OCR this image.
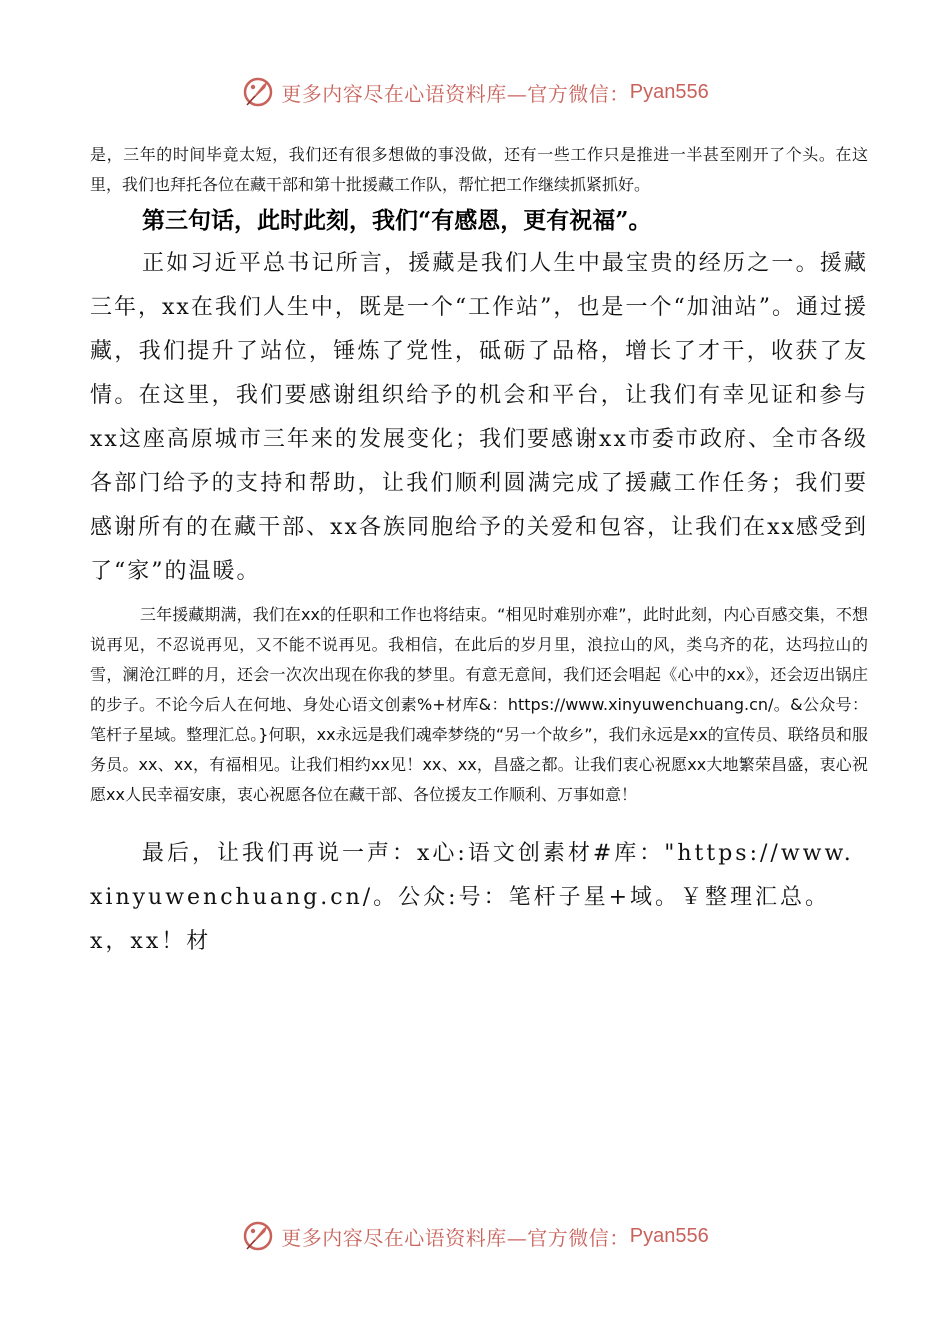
更多内容尽在心语资料库—官方微信： Pyan556

是，三年的时间毕竟太短，我们还有很多想做的事没做，还有一些工作只是推进一半甚至刚开了个头。在这里，我们也拜托各位在藏干部和第十批援藏工作队，帮忙把工作继续抓紧抓好。

第三句话，此时此刻，我们“有感恩，更有祝福”。

正如习近平总书记所言，援藏是我们人生中最宝贵的经历之一。援藏三年，xx在我们人生中，既是一个“工作站”，也是一个“加油站”。通过援藏，我们提升了站位，锤炼了党性，砥砺了品格，增长了才干，收获了友情。在这里，我们要感谢组织给予的机会和平台，让我们有幸见证和参与xx这座高原城市三年来的发展变化；我们要感谢xx市委市政府、全市各级各部门给予的支持和帮助，让我们顺利圆满完成了援藏工作任务；我们要感谢所有的在藏干部、xx各族同胞给予的关爱和包容，让我们在xx感受到了“家”的温暖。

三年援藏期满，我们在xx的任职和工作也将结束。“相见时难别亦难”，此时此刻，内心百感交集，不想说再见，不忍说再见，又不能不说再见。我相信，在此后的岁月里，浪拉山的风，类乌齐的花，达玛拉山的雪，澜沧江畔的月，还会一次次出现在你我的梦里。有意无意间，我们还会唱起《心中的xx》，还会迈出锅庄的步子。不论今后人在何地、身处心语文创素%+材库&：https://www.xinyuwenchuang.cn/。&公众号：笔杆子星域。整理汇总。}何职，xx永远是我们魂牵梦绕的“另一个故乡”，我们永远是xx的宣传员、联络员和服务员。xx、xx，有福相见。让我们相约xx见！xx、xx，昌盛之都。让我们衷心祝愿xx大地繁荣昌盛，衷心祝愿xx人民幸福安康，衷心祝愿各位在藏干部、各位援友工作顺利、万事如意！

最后，让我们再说一声：x心:语文创素材#库："https://www.xinyuwenchuang.cn/。公众:号：笔杆子星+域。￥整理汇总。x，xx！材

更多内容尽在心语资料库—官方微信： Pyan556
